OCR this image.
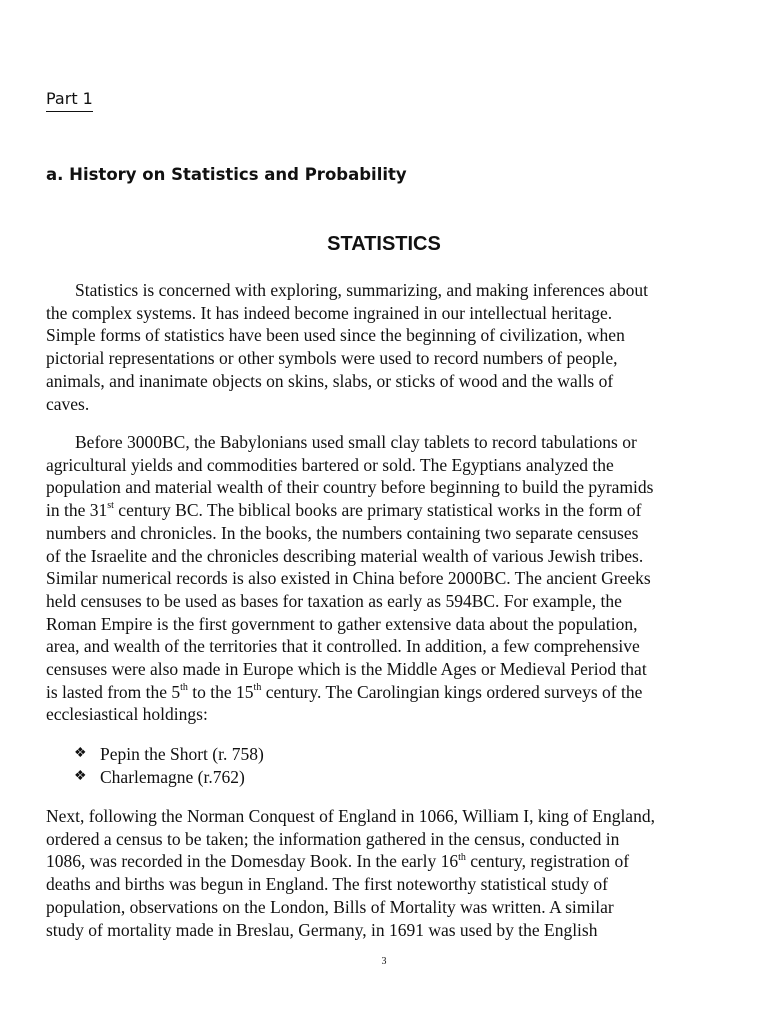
Part 1
a. History on Statistics and Probability
STATISTICS
Statistics is concerned with exploring, summarizing, and making inferences about
the complex systems. It has indeed become ingrained in our intellectual heritage.
Simple forms of statistics have been used since the beginning of civilization, when
pictorial representations or other symbols were used to record numbers of people,
animals, and inanimate objects on skins, slabs, or sticks of wood and the walls of
caves.
Before 3000BC, the Babylonians used small clay tablets to record tabulations or
agricultural yields and commodities bartered or sold. The Egyptians analyzed the
population and material wealth of their country before beginning to build the pyramids
in the 31st century BC. The biblical books are primary statistical works in the form of
numbers and chronicles. In the books, the numbers containing two separate censuses
of the Israelite and the chronicles describing material wealth of various Jewish tribes.
Similar numerical records is also existed in China before 2000BC. The ancient Greeks
held censuses to be used as bases for taxation as early as 594BC. For example, the
Roman Empire is the first government to gather extensive data about the population,
area, and wealth of the territories that it controlled. In addition, a few comprehensive
censuses were also made in Europe which is the Middle Ages or Medieval Period that
is lasted from the 5th to the 15th century. The Carolingian kings ordered surveys of the
ecclesiastical holdings:
❖ Pepin the Short (r. 758)
❖ Charlemagne (r.762)
Next, following the Norman Conquest of England in 1066, William I, king of England,
ordered a census to be taken; the information gathered in the census, conducted in
1086, was recorded in the Domesday Book. In the early 16th century, registration of
deaths and births was begun in England. The first noteworthy statistical study of
population, observations on the London, Bills of Mortality was written. A similar
study of mortality made in Breslau, Germany, in 1691 was used by the English
3
